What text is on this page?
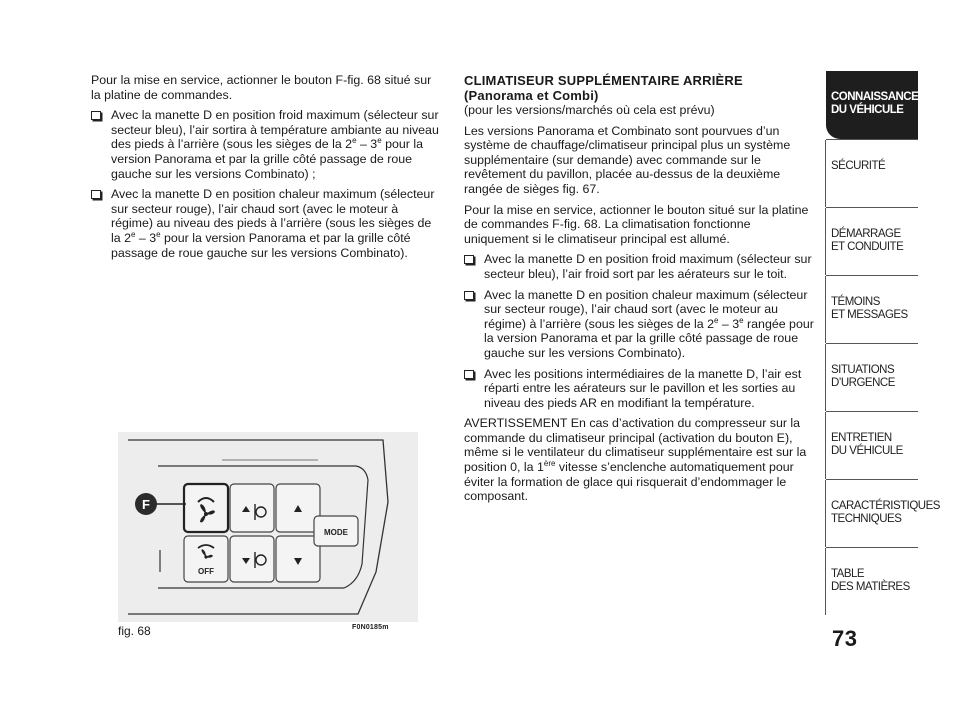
Pour la mise en service, actionner le bouton F-fig. 68 situé sur la platine de commandes.

Avec la manette D en position froid maximum (sélecteur sur secteur bleu), l’air sortira à température ambiante au niveau des pieds à l’arrière (sous les sièges de la 2e – 3e pour la version Panorama et par la grille côté passage de roue gauche sur les versions Combinato) ;
Avec la manette D en position chaleur maximum (sélecteur sur secteur rouge), l’air chaud sort (avec le moteur à régime) au niveau des pieds à l’arrière (sous les sièges de la 2e – 3e pour la version Panorama et par la grille côté passage de roue gauche sur les versions Combinato).
CLIMATISEUR SUPPLÉMENTAIRE ARRIÈRE
(Panorama et Combi)

(pour les versions/marchés où cela est prévu)

Les versions Panorama et Combinato sont pourvues d’un système de chauffage/climatiseur principal plus un système supplémentaire (sur demande) avec commande sur le revêtement du pavillon, placée au-dessus de la deuxième rangée de sièges fig. 67.

Pour la mise en service, actionner le bouton situé sur la platine de commandes F-fig. 68. La climatisation fonctionne uniquement si le climatiseur principal est allumé.

Avec la manette D en position froid maximum (sélecteur sur secteur bleu), l’air froid sort par les aérateurs sur le toit.
Avec la manette D en position chaleur maximum (sélecteur sur secteur rouge), l’air chaud sort (avec le moteur au régime) à l’arrière (sous les sièges de la 2e – 3e rangée pour la version Panorama et par la grille côté passage de roue gauche sur les versions Combinato).
Avec les positions intermédiaires de la manette D, l’air est réparti entre les aérateurs sur le pavillon et les sorties au niveau des pieds AR en modifiant la température.

AVERTISSEMENT En cas d’activation du compresseur sur la commande du climatiseur principal (activation du bouton E), même si le ventilateur du climatiseur supplémentaire est sur la position 0, la 1ère vitesse s’enclenche automatiquement pour éviter la formation de glace qui risquerait d’endommager le composant.

MODE
OFF
F
fig. 68	F0N0185m
CONNAISSANCE
DU VÉHICULE
SÉCURITÉ
DÉMARRAGE
ET CONDUITE
TÉMOINS
ET MESSAGES
SITUATIONS
D’URGENCE
ENTRETIEN
DU VÉHICULE
CARACTÉRISTIQUES
TECHNIQUES
TABLE
DES MATIÈRES
73
